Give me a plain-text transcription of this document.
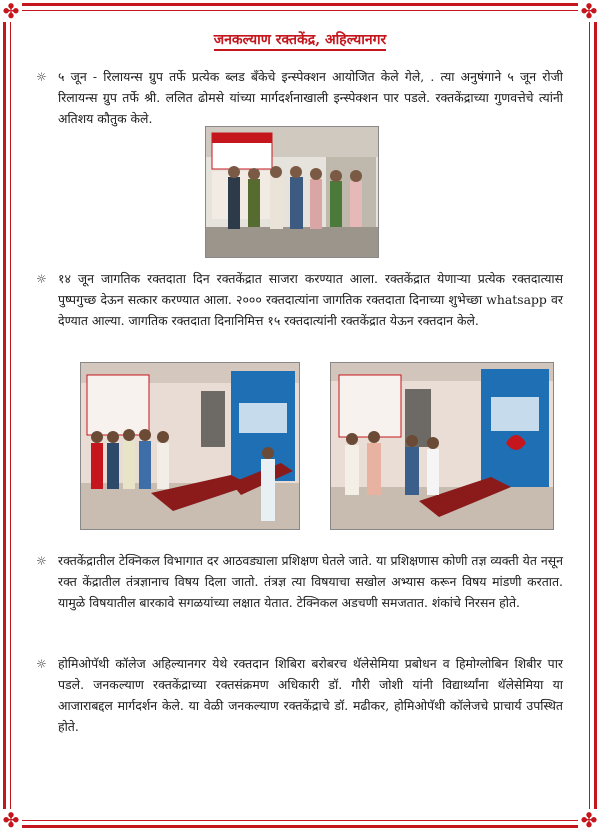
✤	✤
✤	✤
जनकल्याण रक्तकेंद्र, अहिल्यानगर
☼ ५ जून - रिलायन्स ग्रुप तर्फे प्रत्येक ब्लड बँकेचे इन्स्पेक्शन आयोजित केले गेले, . त्या अनुषंगाने ५ जून रोजी रिलायन्स ग्रुप तर्फे श्री. ललित ढोमसे यांच्या मार्गदर्शनाखाली इन्स्पेक्शन पार पडले. रक्तकेंद्राच्या गुणवत्तेचे त्यांनी अतिशय कौतुक केले.

☼ १४ जून जागतिक रक्तदाता दिन रक्तकेंद्रात साजरा करण्यात आला. रक्तकेंद्रात येणाऱ्या प्रत्येक रक्तदात्यास पुष्पगुच्छ देऊन सत्कार करण्यात आला. २००० रक्तदात्यांना जागतिक रक्तदाता दिनाच्या शुभेच्छा whatsapp वर देण्यात आल्या. जागतिक रक्तदाता दिनानिमित्त १५ रक्तदात्यांनी रक्तकेंद्रात येऊन रक्तदान केले.

☼ रक्तकेंद्रातील टेक्निकल विभागात दर आठवड्याला प्रशिक्षण घेतले जाते. या प्रशिक्षणास कोणी तज्ञ व्यक्ती येत नसून रक्त केंद्रातील तंत्रज्ञानाच विषय दिला जातो. तंत्रज्ञ त्या विषयाचा सखोल अभ्यास करून विषय मांडणी करतात. यामुळे विषयातील बारकावे सगळयांच्या लक्षात येतात. टेक्निकल अडचणी समजतात. शंकांचे निरसन होते.

☼ होमिओपॅथी कॉलेज अहिल्यानगर येथे रक्तदान शिबिरा बरोबरच थॅलेसेमिया प्रबोधन व हिमोग्लोबिन शिबीर पार पडले. जनकल्याण रक्तकेंद्राच्या रक्तसंक्रमण अधिकारी डॉ. गौरी जोशी यांनी विद्यार्थ्यांना थॅलेसेमिया या आजाराबद्दल मार्गदर्शन केले. या वेळी जनकल्याण रक्तकेंद्राचे डॉ. मढीकर, होमिओपॅथी कॉलेजचे प्राचार्य उपस्थित होते.
